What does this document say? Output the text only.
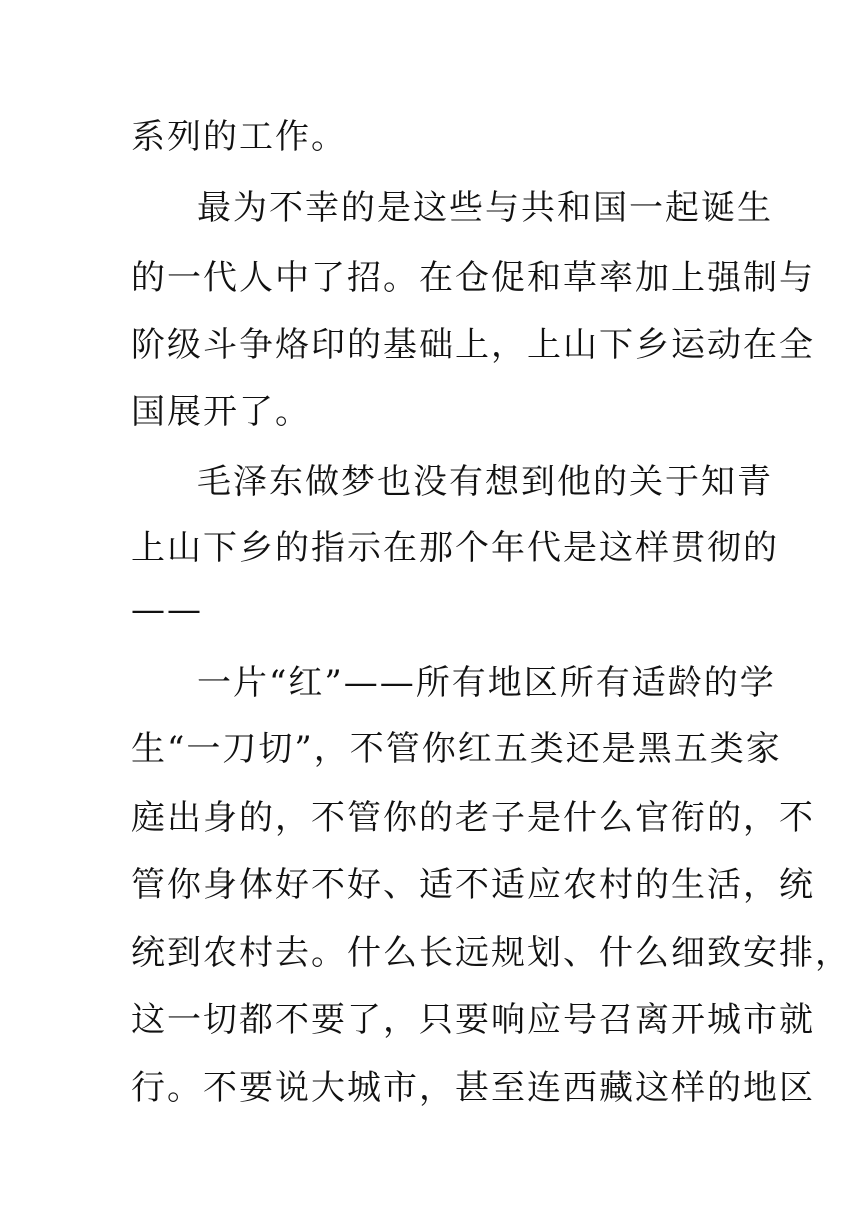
系列的工作。
最为不幸的是这些与共和国一起诞生
的一代人中了招。在仓促和草率加上强制与
阶级斗争烙印的基础上，上山下乡运动在全
国展开了。
毛泽东做梦也没有想到他的关于知青
上山下乡的指示在那个年代是这样贯彻的
——
一片“红”——所有地区所有适龄的学
生“一刀切”，不管你红五类还是黑五类家
庭出身的，不管你的老子是什么官衔的，不
管你身体好不好、适不适应农村的生活，统
统到农村去。什么长远规划、什么细致安排，
这一切都不要了，只要响应号召离开城市就
行。不要说大城市，甚至连西藏这样的地区
